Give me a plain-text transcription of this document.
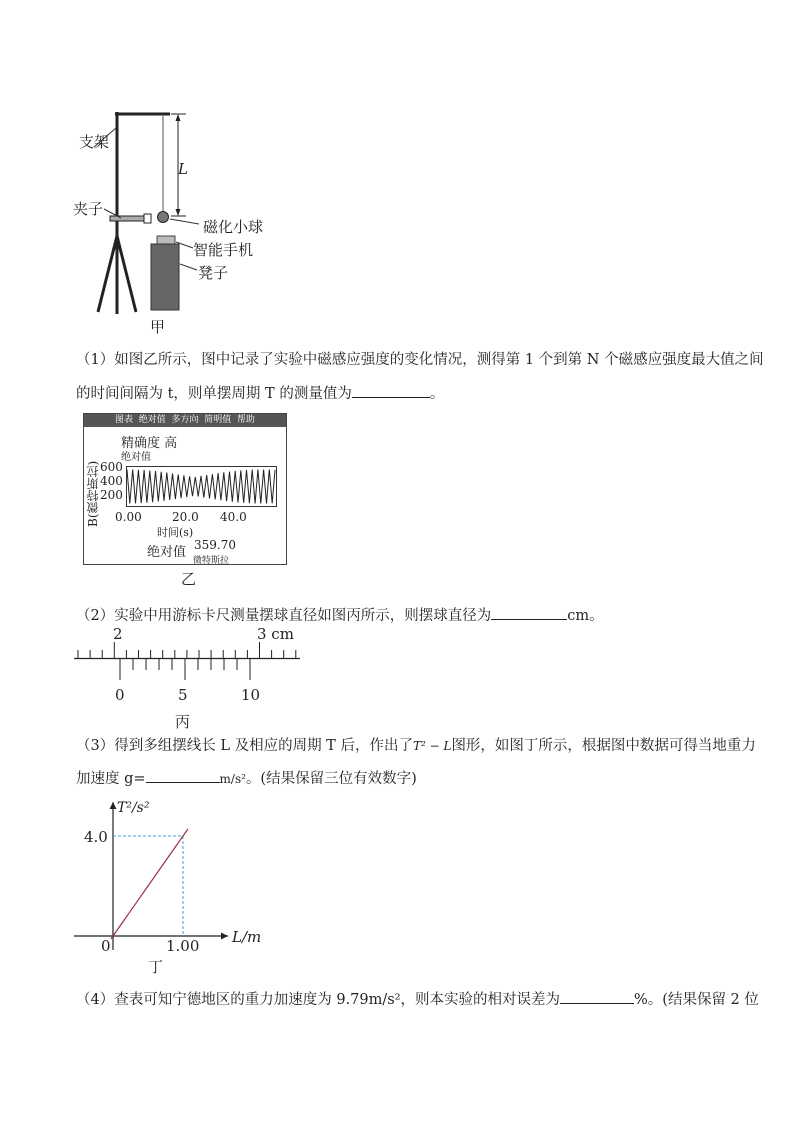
支架
夹子
L
磁化小球
智能手机
凳子
甲
（1）如图乙所示，图中记录了实验中磁感应强度的变化情况，测得第 1 个到第 N 个磁感应强度最大值之间
的时间间隔为 t，则单摆周期 T 的测量值为	。
图表  绝对值  多方向  简明值  帮助
精确度 高
绝对值
B(微特斯拉) 600
400
200
0.00	20.0 40.0
时间(s)
绝对值 359.70
微特斯拉
乙
（2）实验中用游标卡尺测量摆球直径如图丙所示，则摆球直径为	cm。
2	3 cm
0	5	10
丙
（3）得到多组摆线长 L 及相应的周期 T 后，作出了T² − L图形，如图丁所示，根据图中数据可得当地重力
加速度 g=	m/s²。(结果保留三位有效数字)
T²/s²
4.0
0	1.00 L/m
丁
（4）查表可知宁德地区的重力加速度为 9.79m/s²，则本实验的相对误差为	%。(结果保留 2 位
